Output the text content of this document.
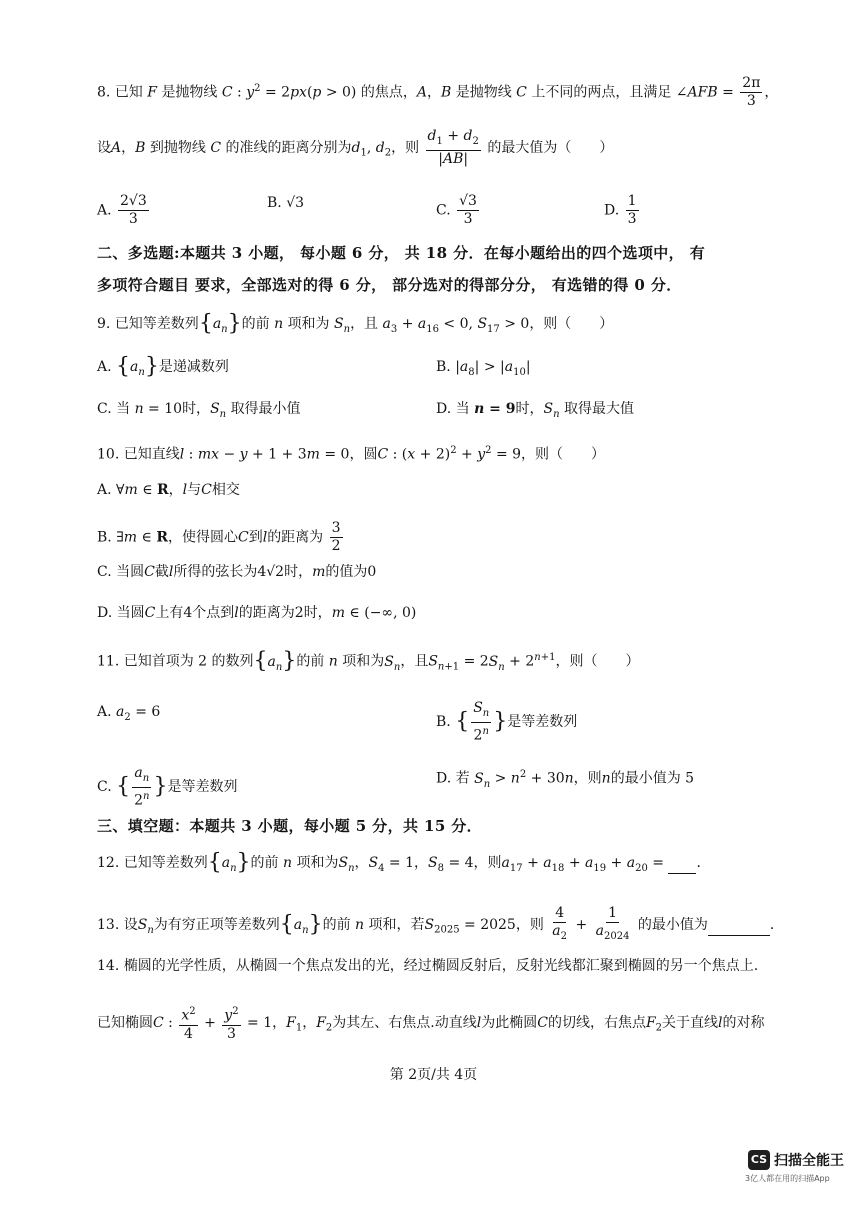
8. 已知 F 是抛物线 C : $y^2 = 2px(p > 0)$ 的焦点，A，B 是抛物线 C 上不同的两点，且满足 ∠AFB = $\frac{2\pi}{3}$ ，
设A，B 到抛物线 C 的准线的距离分别为$d_1$, $d_2$，则 $\frac{d_1 + d_2}{|AB|}$ 的最大值为（　　）
A. $\frac{2√3}{3}$	B. √3	C. $\frac{√3}{3}$	D. $\frac{1}{3}$
二、多选题:本题共 3 小题， 每小题 6 分， 共 18 分．在每小题给出的四个选项中， 有
多项符合题目 要求，全部选对的得 6 分， 部分选对的得部分分， 有选错的得 0 分．
9. 已知等差数列$\{a_n\}$的前 n 项和为 $S_n$，且 $a_3 + a_{16} < 0$, $S_{17} > 0$，则（　　）
A. $\{a_n\}$是递减数列	B. $|a_8| > |a_{10}|$
C. 当 n = 10时，$S_n$ 取得最小值	D. 当 n = 9时，$S_n$ 取得最大值
10. 已知直线l : mx − y + 1 + 3m = 0，圆C : $(x + 2)^2 + y^2 = 9$，则（　　）
A. ∀m ∈ R，l与C相交
B. ∃m ∈ R，使得圆心C到l的距离为 $\frac{3}{2}$
C. 当圆C截l所得的弦长为4√2时，m的值为0
D. 当圆C上有4个点到l的距离为2时，m ∈ (−∞, 0)
11. 已知首项为 2 的数列$\{a_n\}$的前 n 项和为$S_n$，且$S_{n+1} = 2S_n + 2^{n+1}$，则（　　）
A. $a_2 = 6$
B. { $\frac{S_n}{2^n}$ }是等差数列
C. { $\frac{a_n}{2^n}$ }是等差数列
D. 若 $S_n > n^2 + 30n$，则n的最小值为 5
三、填空题：本题共 3 小题，每小题 5 分，共 15 分．
12. 已知等差数列$\{a_n\}$的前 n 项和为$S_n$，$S_4 = 1$，$S_8 = 4$，则$a_{17} + a_{18} + a_{19} + a_{20}$ =  ．
13. 设$S_n$为有穷正项等差数列$\{a_n\}$的前 n 项和，若$S_{2025} = 2025$，则 $\frac{4}{a_2} + \frac{1}{a_{2024}}$ 的最小值为	．
14. 椭圆的光学性质，从椭圆一个焦点发出的光，经过椭圆反射后，反射光线都汇聚到椭圆的另一个焦点上.
已知椭圆C : $\frac{x^2}{4} + \frac{y^2}{3} = 1$，$F_1$，$F_2$为其左、右焦点.动直线l为此椭圆C的切线，右焦点$F_2$关于直线l的对称
第 2页/共 4页
CS 扫描全能王
3亿人都在用的扫描App
